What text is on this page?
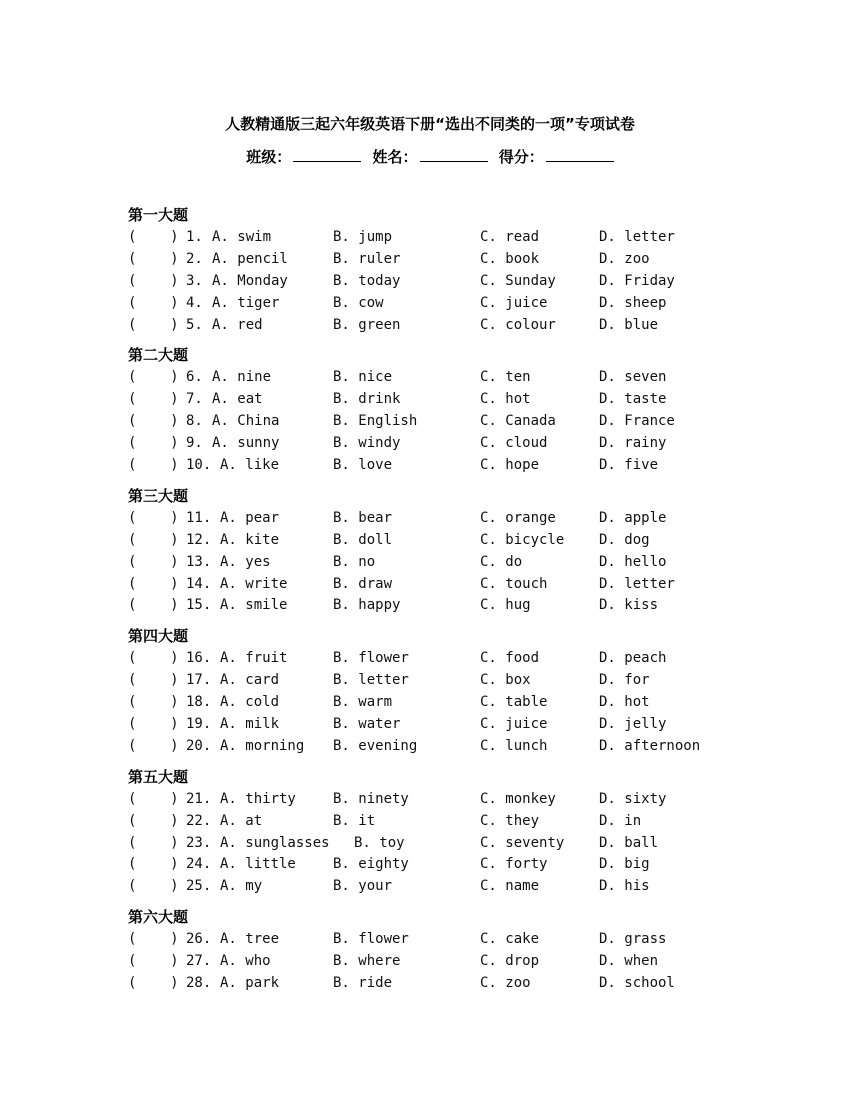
人教精通版三起六年级英语下册“选出不同类的一项”专项试卷
班级：	姓名：	得分：
第一大题
(    ) 1. A. swim	B. jump	C. read	D. letter
(    ) 2. A. pencil	B. ruler	C. book	D. zoo
(    ) 3. A. Monday	B. today	C. Sunday	D. Friday
(    ) 4. A. tiger	B. cow	C. juice	D. sheep
(    ) 5. A. red	B. green	C. colour	D. blue
第二大题
(    ) 6. A. nine	B. nice	C. ten	D. seven
(    ) 7. A. eat	B. drink	C. hot	D. taste
(    ) 8. A. China	B. English	C. Canada	D. France
(    ) 9. A. sunny	B. windy	C. cloud	D. rainy
(    ) 10. A. like	B. love	C. hope	D. five
第三大题
(    ) 11. A. pear	B. bear	C. orange	D. apple
(    ) 12. A. kite	B. doll	C. bicycle D. dog
(    ) 13. A. yes	B. no	C. do	D. hello
(    ) 14. A. write	B. draw	C. touch	D. letter
(    ) 15. A. smile	B. happy	C. hug	D. kiss
第四大题
(    ) 16. A. fruit	B. flower	C. food	D. peach
(    ) 17. A. card	B. letter	C. box	D. for
(    ) 18. A. cold	B. warm	C. table	D. hot
(    ) 19. A. milk	B. water	C. juice	D. jelly
(    ) 20. A. morning B. evening	C. lunch	D. afternoon
第五大题
(    ) 21. A. thirty	B. ninety	C. monkey	D. sixty
(    ) 22. A. at	B. it	C. they	D. in
(    ) 23. A. sunglasses B. toy	C. seventy D. ball
(    ) 24. A. little	B. eighty	C. forty	D. big
(    ) 25. A. my	B. your	C. name	D. his
第六大题
(    ) 26. A. tree	B. flower	C. cake	D. grass
(    ) 27. A. who	B. where	C. drop	D. when
(    ) 28. A. park	B. ride	C. zoo	D. school
